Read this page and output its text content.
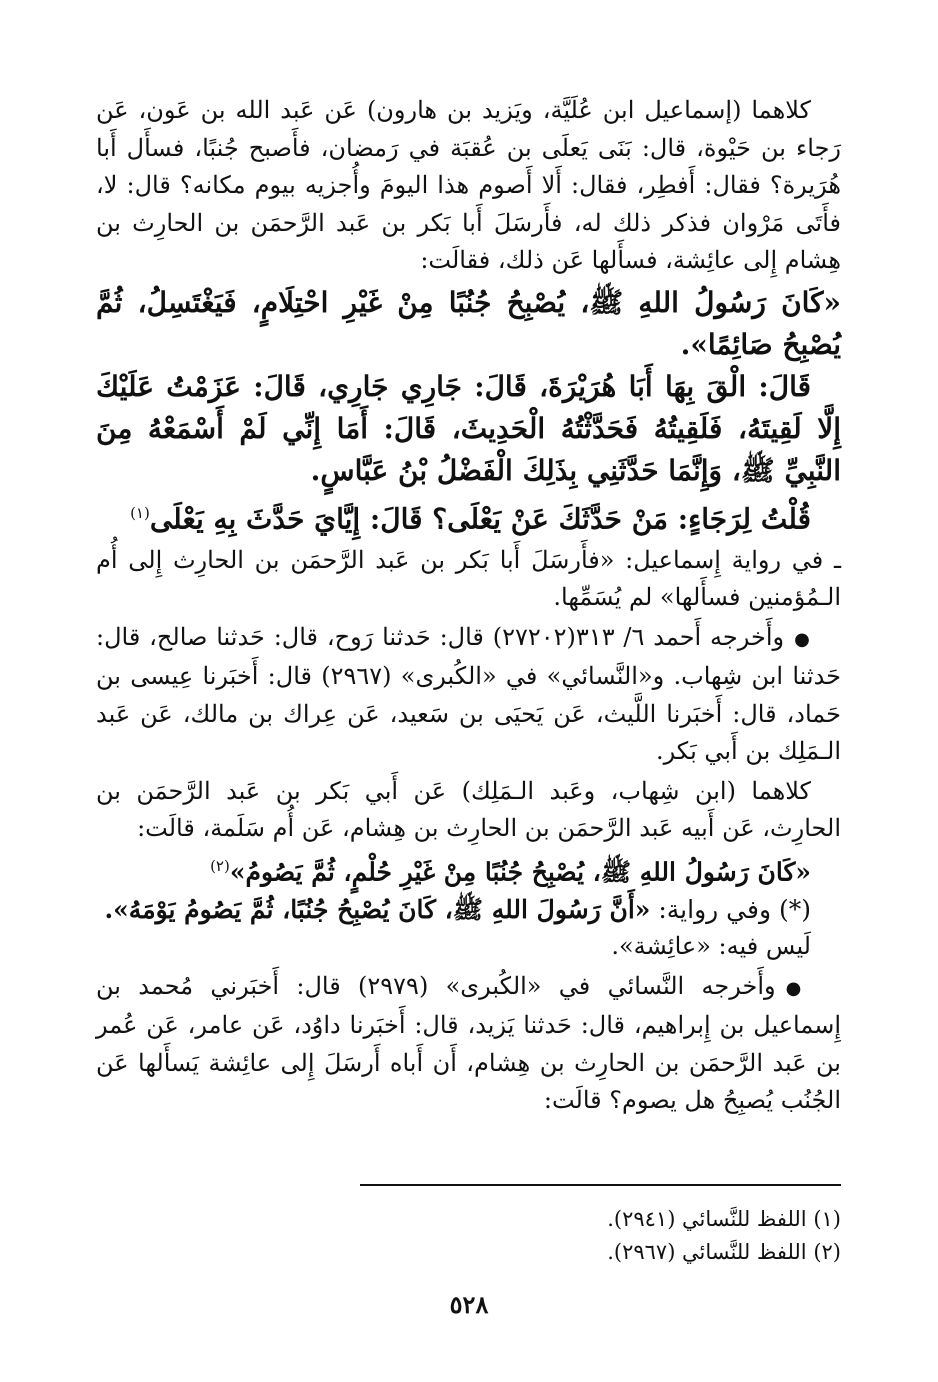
كلاهما (إسماعيل ابن عُلَيَّة، ويَزيد بن هارون) عَن عَبد الله بن عَون، عَن رَجاء بن حَيْوة، قال: بَنَى يَعلَى بن عُقبَة في رَمضان، فأَصبح جُنبًا، فسأَل أَبا هُرَيرة؟ فقال: أَفطِر، فقال: أَلا أَصوم هذا اليومَ وأُجزيه بيوم مكانه؟ قال: لا، فأَتَى مَرْوان فذكر ذلك له، فأَرسَلَ أَبا بَكر بن عَبد الرَّحمَن بن الحارِث بن هِشام إِلى عائِشة، فسأَلها عَن ذلك، فقالَت:

«كَانَ رَسُولُ اللهِ ﷺ، يُصْبِحُ جُنُبًا مِنْ غَيْرِ احْتِلَامٍ، فَيَغْتَسِلُ، ثُمَّ يُصْبِحُ صَائِمًا».

قَالَ: الْقَ بِهَا أَبَا هُرَيْرَةَ، قَالَ: جَارِي جَارِي، قَالَ: عَزَمْتُ عَلَيْكَ إِلَّا لَقِيتَهُ، فَلَقِيتُهُ فَحَدَّثْتُهُ الْحَدِيثَ، قَالَ: أَمَا إِنِّي لَمْ أَسْمَعْهُ مِنَ النَّبِيِّ ﷺ، وَإِنَّمَا حَدَّثَنِي بِذَلِكَ الْفَضْلُ بْنُ عَبَّاسٍ.

قُلْتُ لِرَجَاءٍ: مَنْ حَدَّثَكَ عَنْ يَعْلَى؟ قَالَ: إِيَّايَ حَدَّثَ بِهِ يَعْلَى$^{(١)}$

ـ في رواية إِسماعيل: «فأَرسَلَ أَبا بَكر بن عَبد الرَّحمَن بن الحارِث إِلى أُم الـمُؤمنين فسأَلها» لم يُسَمِّها.

● وأَخرجه أَحمد ٦/ ٣١٣(٢٧٢٠٢) قال: حَدثنا رَوح، قال: حَدثنا صالح، قال: حَدثنا ابن شِهاب. و«النَّسائي» في «الكُبرى» (٢٩٦٧) قال: أَخبَرنا عِيسى بن حَماد، قال: أَخبَرنا اللَّيث، عَن يَحيَى بن سَعيد، عَن عِراك بن مالك، عَن عَبد الـمَلِك بن أَبي بَكر.

كلاهما (ابن شِهاب، وعَبد الـمَلِك) عَن أَبي بَكر بن عَبد الرَّحمَن بن الحارِث، عَن أَبيه عَبد الرَّحمَن بن الحارِث بن هِشام، عَن أُم سَلَمة، قالَت:

«كَانَ رَسُولُ اللهِ ﷺ، يُصْبِحُ جُنُبًا مِنْ غَيْرِ حُلْمٍ، ثُمَّ يَصُومُ»$^{(٢)}$

(*) وفي رواية: «أَنَّ رَسُولَ اللهِ ﷺ، كَانَ يُصْبِحُ جُنُبًا، ثُمَّ يَصُومُ يَوْمَهُ».

لَيس فيه: «عائِشة».

● وأَخرجه النَّسائي في «الكُبرى» (٢٩٧٩) قال: أَخبَرني مُحمد بن إِسماعيل بن إِبراهيم، قال: حَدثنا يَزيد، قال: أَخبَرنا داوُد، عَن عامر، عَن عُمر بن عَبد الرَّحمَن بن الحارِث بن هِشام، أَن أَباه أَرسَلَ إِلى عائِشة يَسأَلها عَن الجُنُب يُصبِحُ هل يصوم؟ قالَت:

(١) اللفظ للنَّسائي (٢٩٤١).

(٢) اللفظ للنَّسائي (٢٩٦٧).

٥٢٨
